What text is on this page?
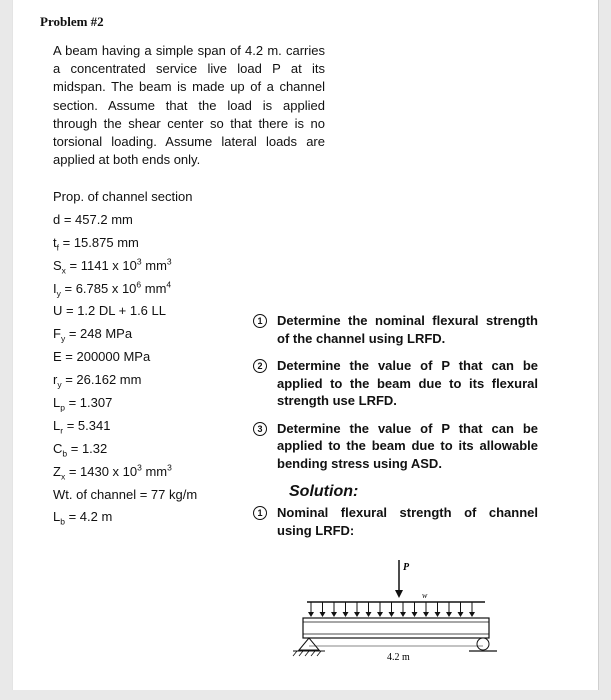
Problem #2
A beam having a simple span of 4.2 m. carries a concentrated service live load P at its midspan. The beam is made up of a channel section. Assume that the load is applied through the shear center so that there is no torsional loading. Assume lateral loads are applied at both ends only.
Prop. of channel section
d = 457.2 mm
$t_f = 15.875$ mm
$S_x = 1141$ x $10^3$ $mm^3$
$I_y = 6.785$ x $10^6$ $mm^4$
U = 1.2 DL + 1.6 LL
$F_y = 248$ MPa
E = 200000 MPa
$r_y = 26.162$ mm
$L_p = 1.307$
$L_r = 5.341$
$C_b = 1.32$
$Z_x = 1430$ x $10^3$ $mm^3$
Wt. of channel = 77 kg/m
$L_b = 4.2$ m
1	Determine the nominal flexural strength of the channel using LRFD.
2	Determine the value of P that can be applied to the beam due to its flexural strength use LRFD.
3	Determine the value of P that can be applied to the beam due to its allowable bending stress using ASD.
Solution:
1	Nominal flexural strength of channel using LRFD:
P
w
4.2 m
